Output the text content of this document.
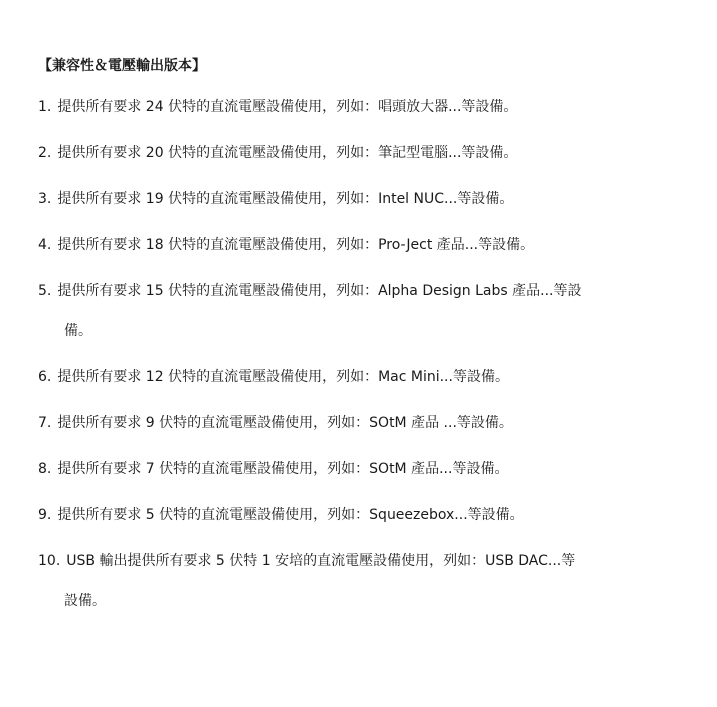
【兼容性＆電壓輸出版本】
1. 提供所有要求 24 伏特的直流電壓設備使用，列如：唱頭放大器...等設備。
2. 提供所有要求 20 伏特的直流電壓設備使用，列如：筆記型電腦...等設備。
3. 提供所有要求 19 伏特的直流電壓設備使用，列如：Intel NUC...等設備。
4. 提供所有要求 18 伏特的直流電壓設備使用，列如：Pro-Ject 產品...等設備。
5. 提供所有要求 15 伏特的直流電壓設備使用，列如：Alpha Design Labs 產品...等設
備。
6. 提供所有要求 12 伏特的直流電壓設備使用，列如：Mac Mini...等設備。
7. 提供所有要求 9 伏特的直流電壓設備使用，列如：SOtM 產品 ...等設備。
8. 提供所有要求 7 伏特的直流電壓設備使用，列如：SOtM 產品...等設備。
9. 提供所有要求 5 伏特的直流電壓設備使用，列如：Squeezebox...等設備。
10. USB 輸出提供所有要求 5 伏特 1 安培的直流電壓設備使用，列如：USB DAC...等
設備。
